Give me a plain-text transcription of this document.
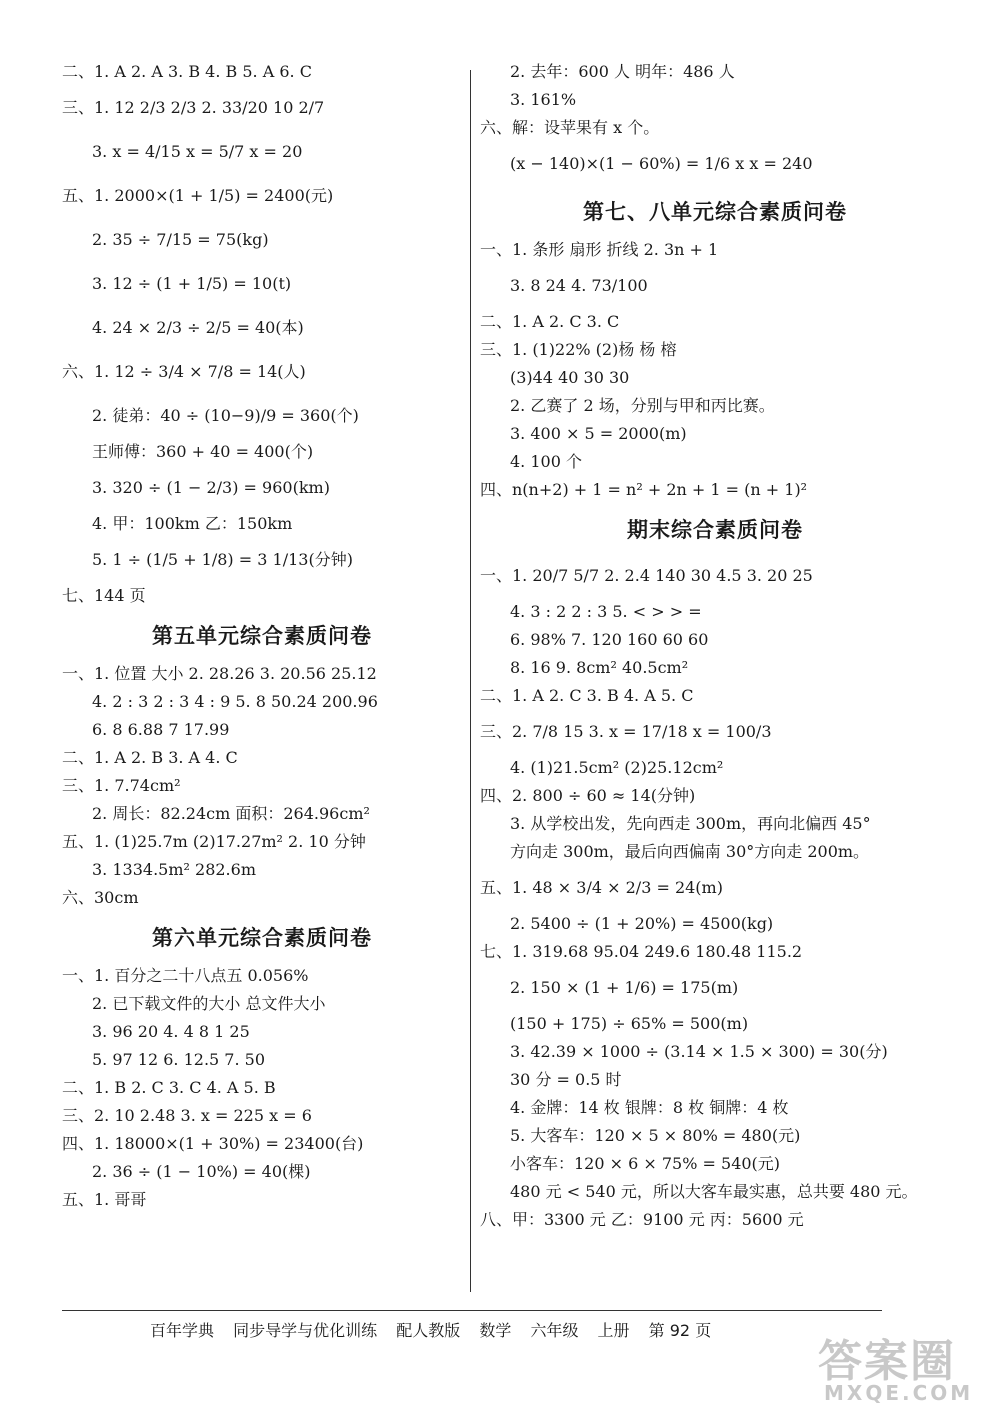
二、1. A 2. A 3. B 4. B 5. A 6. C
三、1. 12 2/3 2/3 2. 33/20 10 2/7
3. x = 4/15 x = 5/7 x = 20
五、1. 2000×(1 + 1/5) = 2400(元)
2. 35 ÷ 7/15 = 75(kg)
3. 12 ÷ (1 + 1/5) = 10(t)
4. 24 × 2/3 ÷ 2/5 = 40(本)
六、1. 12 ÷ 3/4 × 7/8 = 14(人)
2. 徒弟：40 ÷ (10−9)/9 = 360(个)
王师傅：360 + 40 = 400(个)
3. 320 ÷ (1 − 2/3) = 960(km)
4. 甲：100km 乙：150km
5. 1 ÷ (1/5 + 1/8) = 3 1/13(分钟)
七、144 页
第五单元综合素质问卷
一、1. 位置 大小 2. 28.26 3. 20.56 25.12
4. 2 : 3 2 : 3 4 : 9 5. 8 50.24 200.96
6. 8 6.88 7 17.99
二、1. A 2. B 3. A 4. C
三、1. 7.74cm²
2. 周长：82.24cm 面积：264.96cm²
五、1. (1)25.7m (2)17.27m² 2. 10 分钟
3. 1334.5m² 282.6m
六、30cm
第六单元综合素质问卷
一、1. 百分之二十八点五 0.056%
2. 已下载文件的大小 总文件大小
3. 96 20 4. 4 8 1 25
5. 97 12 6. 12.5 7. 50
二、1. B 2. C 3. C 4. A 5. B
三、2. 10 2.48 3. x = 225 x = 6
四、1. 18000×(1 + 30%) = 23400(台)
2. 36 ÷ (1 − 10%) = 40(棵)
五、1. 哥哥
2. 去年：600 人 明年：486 人
3. 161%
六、解：设苹果有 x 个。
(x − 140)×(1 − 60%) = 1/6 x x = 240
第七、八单元综合素质问卷
一、1. 条形 扇形 折线 2. 3n + 1
3. 8 24 4. 73/100
二、1. A 2. C 3. C
三、1. (1)22% (2)杨 杨 榕
(3)44 40 30 30
2. 乙赛了 2 场，分别与甲和丙比赛。
3. 400 × 5 = 2000(m)
4. 100 个
四、n(n+2) + 1 = n² + 2n + 1 = (n + 1)²
期末综合素质问卷
一、1. 20/7 5/7 2. 2.4 140 30 4.5 3. 20 25
4. 3 : 2 2 : 3 5. < > > =
6. 98% 7. 120 160 60 60
8. 16 9. 8cm² 40.5cm²
二、1. A 2. C 3. B 4. A 5. C
三、2. 7/8 15 3. x = 17/18 x = 100/3
4. (1)21.5cm² (2)25.12cm²
四、2. 800 ÷ 60 ≈ 14(分钟)
3. 从学校出发，先向西走 300m，再向北偏西 45°
方向走 300m，最后向西偏南 30°方向走 200m。
五、1. 48 × 3/4 × 2/3 = 24(m)
2. 5400 ÷ (1 + 20%) = 4500(kg)
七、1. 319.68 95.04 249.6 180.48 115.2
2. 150 × (1 + 1/6) = 175(m)
(150 + 175) ÷ 65% = 500(m)
3. 42.39 × 1000 ÷ (3.14 × 1.5 × 300) = 30(分)
30 分 = 0.5 时
4. 金牌：14 枚 银牌：8 枚 铜牌：4 枚
5. 大客车：120 × 5 × 80% = 480(元)
小客车：120 × 6 × 75% = 540(元)
480 元 < 540 元，所以大客车最实惠，总共要 480 元。
八、甲：3300 元 乙：9100 元 丙：5600 元
百年学典 同步导学与优化训练 配人教版 数学 六年级 上册 第 92 页
答案圈
MXQE.COM
